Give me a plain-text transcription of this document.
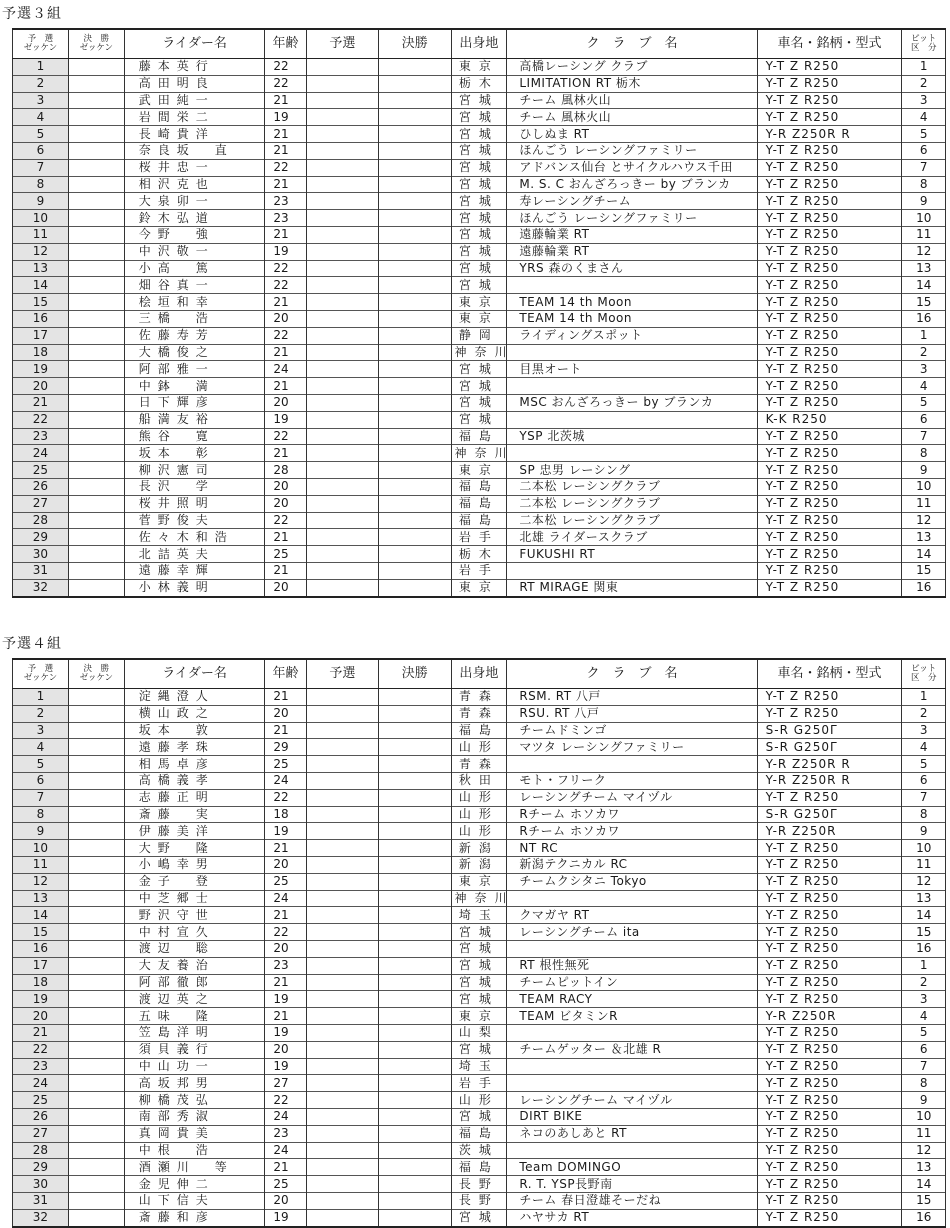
予選３組
予　選
ゼッケン	決　勝
ゼッケン	ライダー名	年齢	予選	決勝	出身地	ク　ラ　ブ　名	車名・銘柄・型式	ピット
区　分
1		藤本英行	22			東京	高橋レーシング クラブ	Y-T Z R250	1
2		高田明良	22			栃木	LIMITATION RT 栃木	Y-T Z R250	2
3		武田純一	21			宮城	チーム 風林火山	Y-T Z R250	3
4		岩間栄二	19			宮城	チーム 風林火山	Y-T Z R250	4
5		長崎貴洋	21			宮城	ひしぬま RT	Y-R Z250R R	5
6		奈良坂　直	21			宮城	ほんごう レーシングファミリー	Y-T Z R250	6
7		桜井忠一	22			宮城	アドバンス仙台 とサイクルハウス千田	Y-T Z R250	7
8		相沢克也	21			宮城	M. S. C おんざろっきー by ブランカ	Y-T Z R250	8
9		大泉卯一	23			宮城	寿レーシングチーム	Y-T Z R250	9
10		鈴木弘道	23			宮城	ほんごう レーシングファミリー	Y-T Z R250	10
11		今野　強	21			宮城	遠藤輪業 RT	Y-T Z R250	11
12		中沢敬一	19			宮城	遠藤輪業 RT	Y-T Z R250	12
13		小高　篤	22			宮城	YRS 森のくまさん	Y-T Z R250	13
14		畑谷真一	22			宮城		Y-T Z R250	14
15		桧垣和幸	21			東京	TEAM 14 th Moon	Y-T Z R250	15
16		三橋　浩	20			東京	TEAM 14 th Moon	Y-T Z R250	16
17		佐藤寿芳	22			静岡	ライディングスポット	Y-T Z R250	1
18		大橋俊之	21			神奈川		Y-T Z R250	2
19		阿部雅一	24			宮城	目黒オート	Y-T Z R250	3
20		中鉢　満	21			宮城		Y-T Z R250	4
21		日下輝彦	20			宮城	MSC おんざろっきー by ブランカ	Y-T Z R250	5
22		船満友裕	19			宮城		K-K R250	6
23		熊谷　寛	22			福島	YSP 北茨城	Y-T Z R250	7
24		坂本　彰	21			神奈川		Y-T Z R250	8
25		柳沢憲司	28			東京	SP 忠男 レーシング	Y-T Z R250	9
26		長沢　学	20			福島	二本松 レーシングクラブ	Y-T Z R250	10
27		桜井照明	20			福島	二本松 レーシングクラブ	Y-T Z R250	11
28		菅野俊夫	22			福島	二本松 レーシングクラブ	Y-T Z R250	12
29		佐々木和浩	21			岩手	北雄 ライダースクラブ	Y-T Z R250	13
30		北詰英夫	25			栃木	FUKUSHI RT	Y-T Z R250	14
31		遠藤幸輝	21			岩手		Y-T Z R250	15
32		小林義明	20			東京	RT MIRAGE 関東	Y-T Z R250	16
予選４組
予　選
ゼッケン	決　勝
ゼッケン	ライダー名	年齢	予選	決勝	出身地	ク　ラ　ブ　名	車名・銘柄・型式	ピット
区　分
1		淀縄澄人	21			青森	RSM. RT 八戸	Y-T Z R250	1
2		横山政之	20			青森	RSU. RT 八戸	Y-T Z R250	2
3		坂本　敦	21			福島	チームドミンゴ	S-R G250Γ	3
4		遠藤孝珠	29			山形	マツタ レーシングファミリー	S-R G250Γ	4
5		相馬卓彦	25			青森		Y-R Z250R R	5
6		高橋義孝	24			秋田	モト・フリーク	Y-R Z250R R	6
7		志藤正明	22			山形	レーシングチーム マイヅル	Y-T Z R250	7
8		斎藤　実	18			山形	Rチーム ホソカワ	S-R G250Γ	8
9		伊藤美洋	19			山形	Rチーム ホソカワ	Y-R Z250R	9
10		大野　隆	21			新潟	NT RC	Y-T Z R250	10
11		小嶋幸男	20			新潟	新潟テクニカル RC	Y-T Z R250	11
12		金子　登	25			東京	チームクシタニ Tokyo	Y-T Z R250	12
13		中芝郷士	24			神奈川		Y-T Z R250	13
14		野沢守世	21			埼玉	クマガヤ RT	Y-T Z R250	14
15		中村宣久	22			宮城	レーシングチーム ita	Y-T Z R250	15
16		渡辺　聡	20			宮城		Y-T Z R250	16
17		大友養治	23			宮城	RT 根性無死	Y-T Z R250	1
18		阿部徹郎	21			宮城	チームピットイン	Y-T Z R250	2
19		渡辺英之	19			宮城	TEAM RACY	Y-T Z R250	3
20		五味　隆	21			東京	TEAM ビタミンR	Y-R Z250R	4
21		笠島洋明	19			山梨		Y-T Z R250	5
22		須貝義行	20			宮城	チームゲッター ＆北雄 R	Y-T Z R250	6
23		中山功一	19			埼玉		Y-T Z R250	7
24		高坂邦男	27			岩手		Y-T Z R250	8
25		柳橋茂弘	22			山形	レーシングチーム マイヅル	Y-T Z R250	9
26		南部秀淑	24			宮城	DIRT BIKE	Y-T Z R250	10
27		真岡貴美	23			福島	ネコのあしあと RT	Y-T Z R250	11
28		中根　浩	24			茨城		Y-T Z R250	12
29		酒瀬川　等	21			福島	Team DOMINGO	Y-T Z R250	13
30		金児伸二	25			長野	R. T. YSP長野南	Y-T Z R250	14
31		山下信夫	20			長野	チーム 春日澄雄そーだね	Y-T Z R250	15
32		斎藤和彦	19			宮城	ハヤサカ RT	Y-T Z R250	16
